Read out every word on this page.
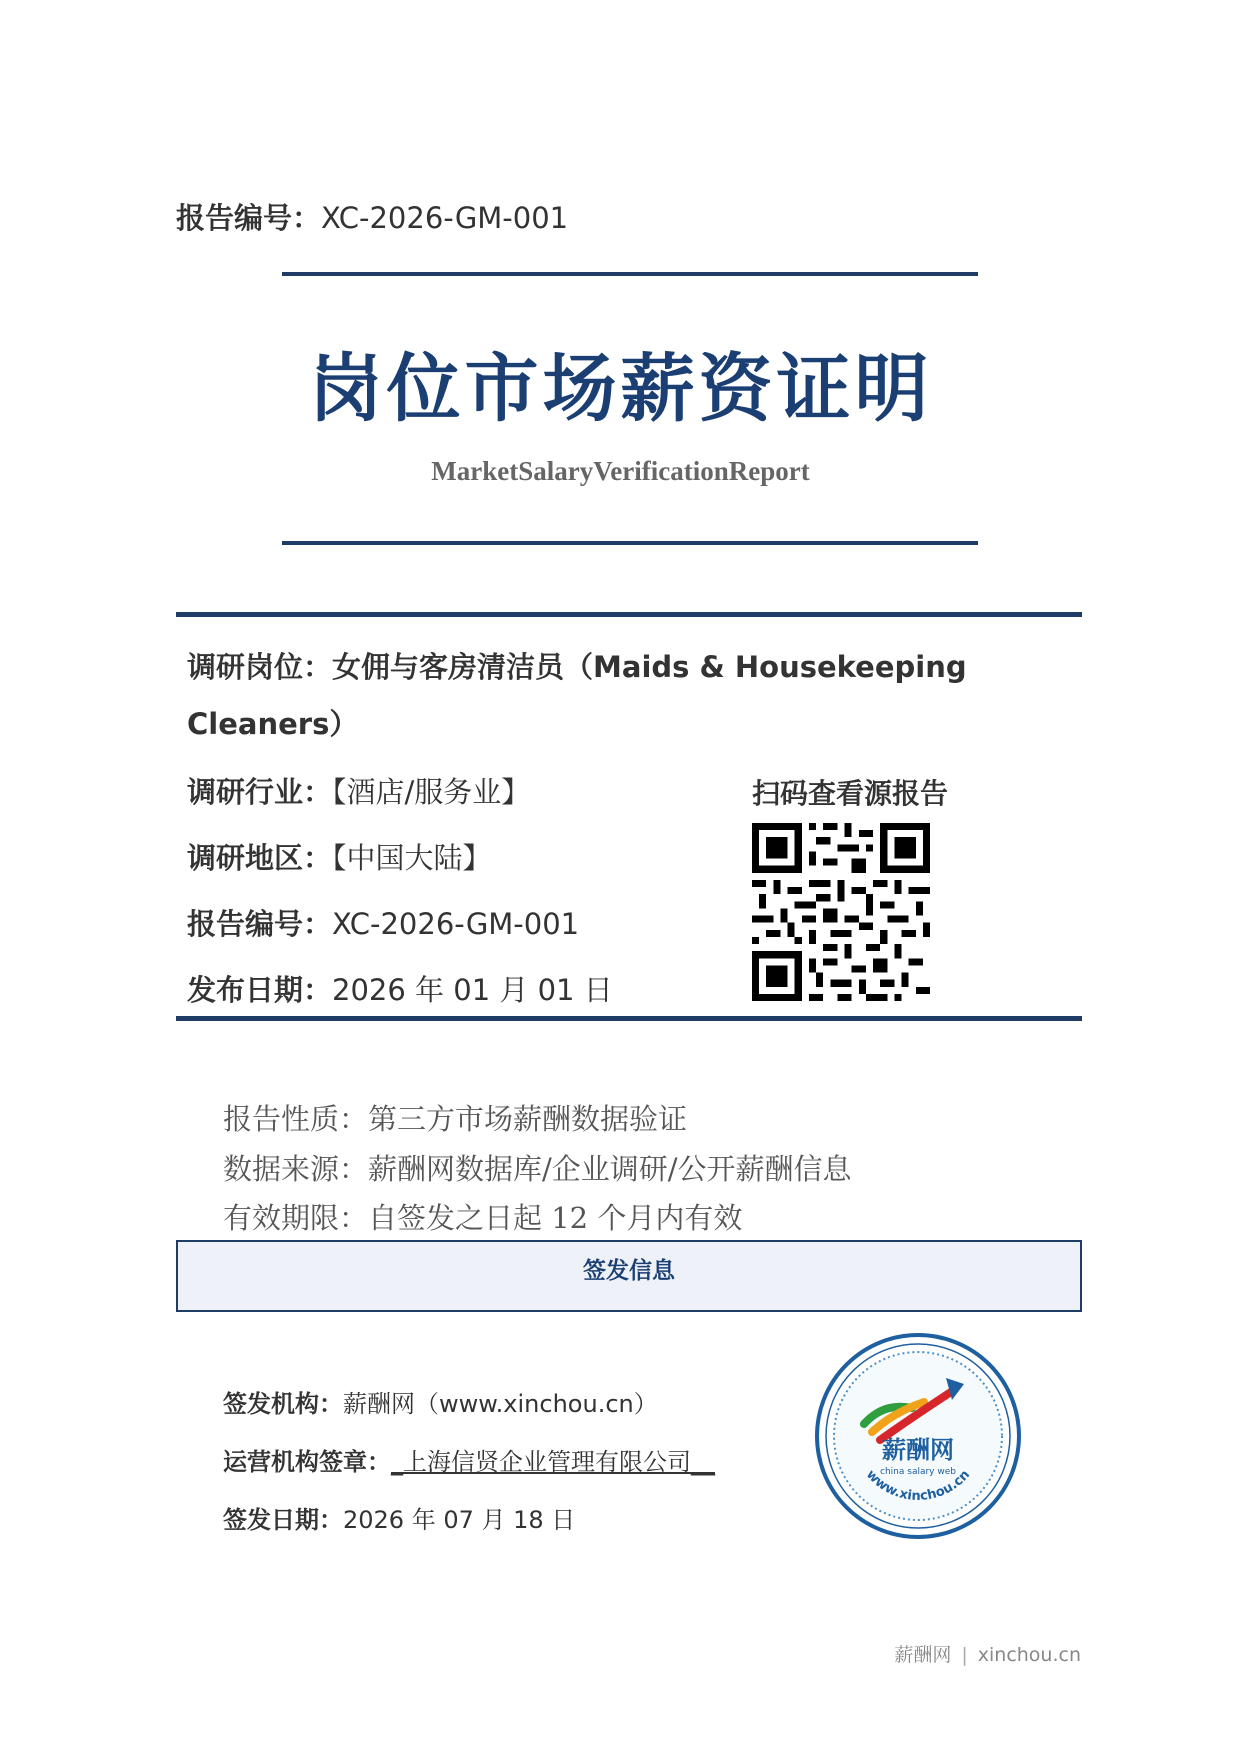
报告编号：XC-2026-GM-001
岗位市场薪资证明
MarketSalaryVerificationReport
调研岗位：女佣与客房清洁员（Maids & Housekeeping
Cleaners）
调研行业：【酒店/服务业】
调研地区：【中国大陆】
报告编号：XC-2026-GM-001
发布日期：2026 年 01 月 01 日
扫码查看源报告
报告性质：第三方市场薪酬数据验证
数据来源：薪酬网数据库/企业调研/公开薪酬信息
有效期限：自签发之日起 12 个月内有效
签发信息
签发机构：薪酬网（www.xinchou.cn）
运营机构签章：_上海信贤企业管理有限公司__
签发日期：2026 年 07 月 18 日
薪酬网
china salary web
www.xinchou.cn
薪酬网 | xinchou.cn
